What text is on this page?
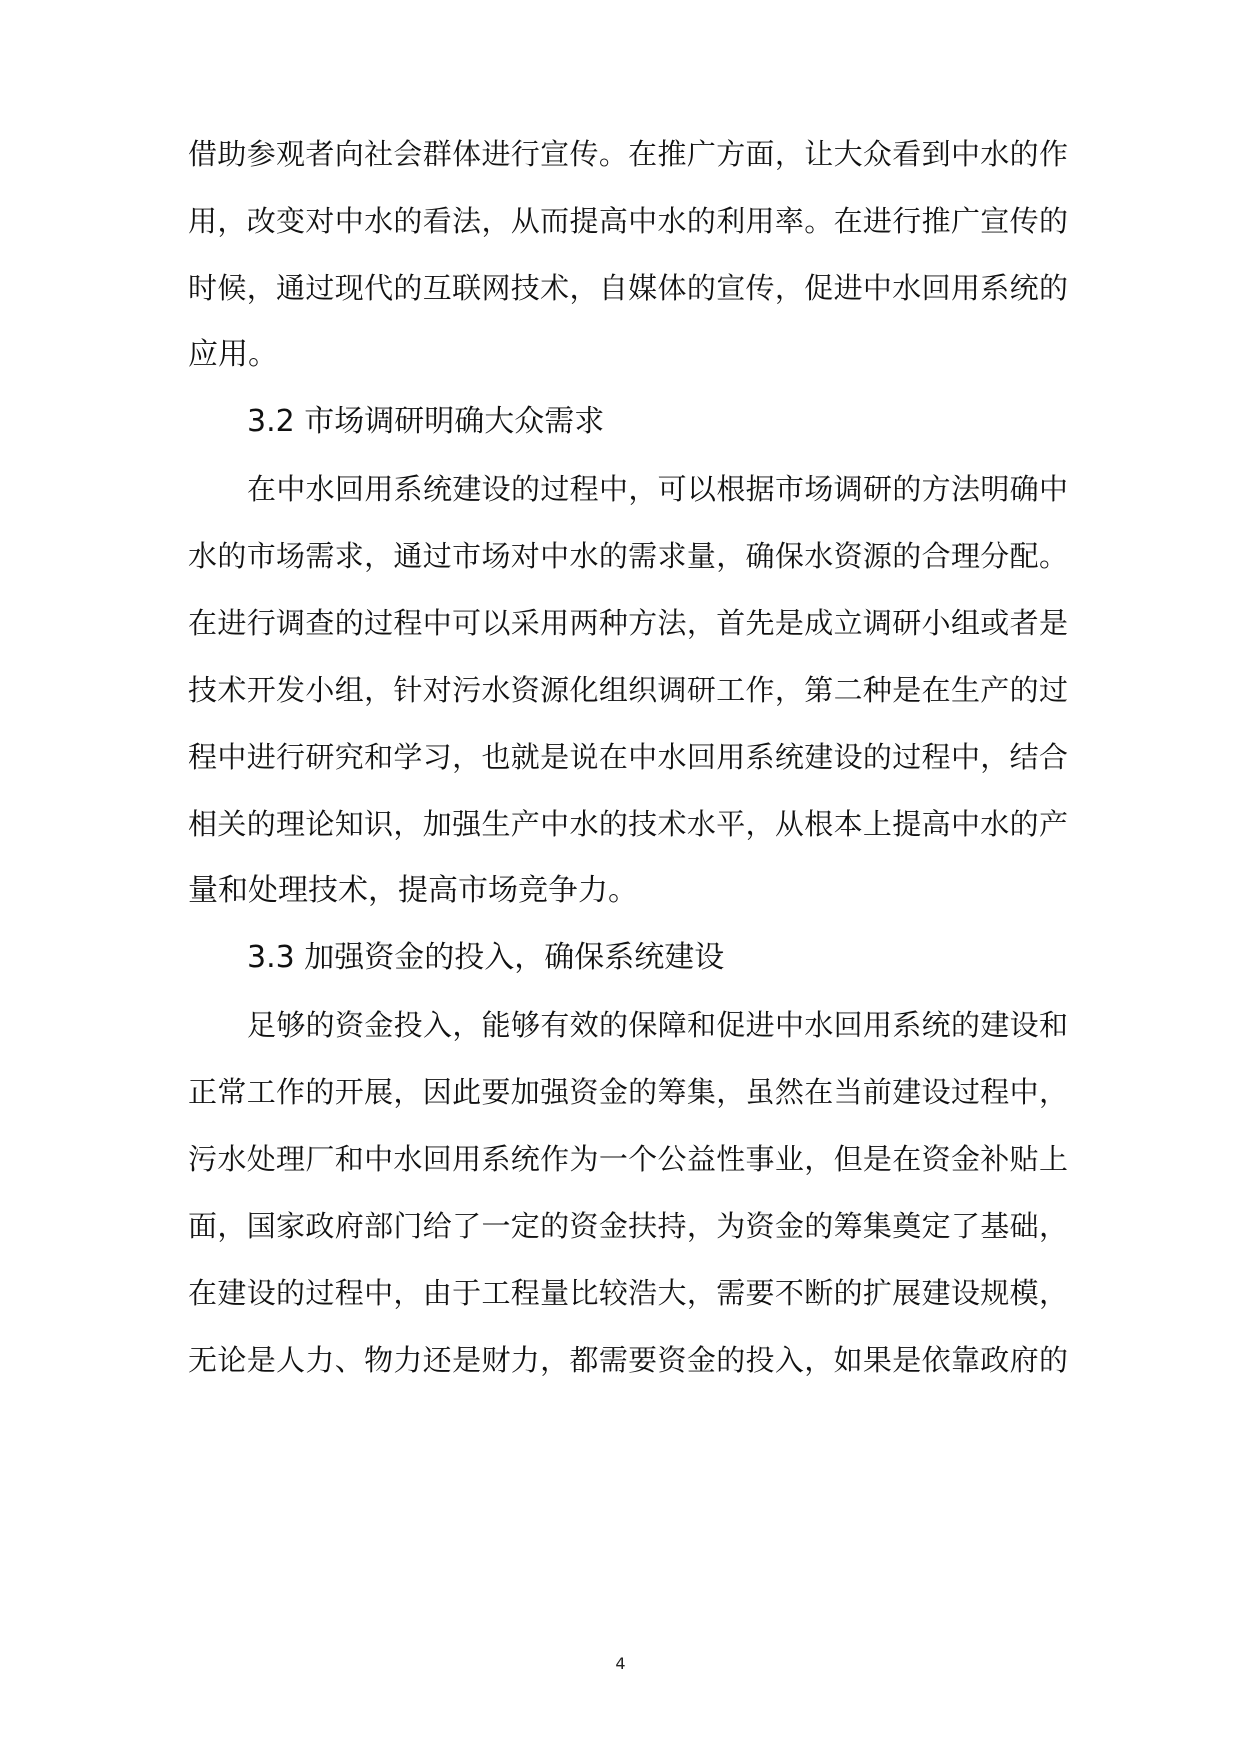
借助参观者向社会群体进行宣传。在推广方面，让大众看到中水的作
用，改变对中水的看法，从而提高中水的利用率。在进行推广宣传的
时候，通过现代的互联网技术，自媒体的宣传，促进中水回用系统的
应用。
3.2 市场调研明确大众需求
在中水回用系统建设的过程中，可以根据市场调研的方法明确中
水的市场需求，通过市场对中水的需求量，确保水资源的合理分配。
在进行调查的过程中可以采用两种方法，首先是成立调研小组或者是
技术开发小组，针对污水资源化组织调研工作，第二种是在生产的过
程中进行研究和学习，也就是说在中水回用系统建设的过程中，结合
相关的理论知识，加强生产中水的技术水平，从根本上提高中水的产
量和处理技术，提高市场竞争力。
3.3 加强资金的投入，确保系统建设
足够的资金投入，能够有效的保障和促进中水回用系统的建设和
正常工作的开展，因此要加强资金的筹集，虽然在当前建设过程中，
污水处理厂和中水回用系统作为一个公益性事业，但是在资金补贴上
面，国家政府部门给了一定的资金扶持，为资金的筹集奠定了基础，
在建设的过程中，由于工程量比较浩大，需要不断的扩展建设规模，
无论是人力、物力还是财力，都需要资金的投入，如果是依靠政府的
4
